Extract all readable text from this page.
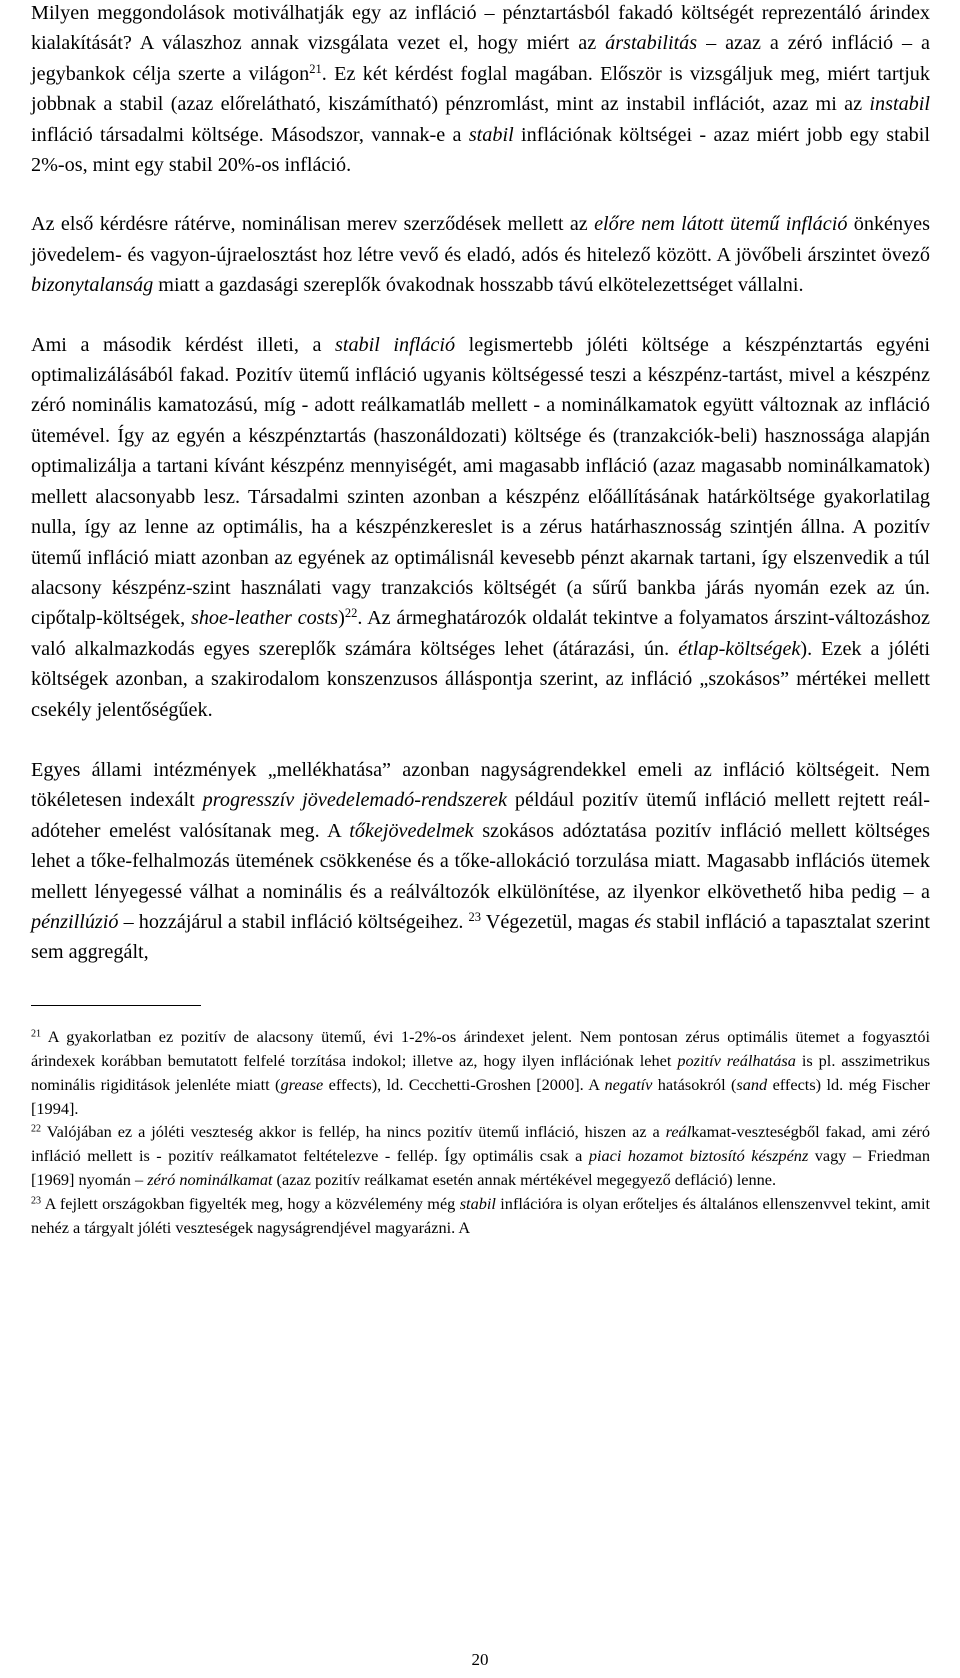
Milyen meggondolások motiválhatják egy az infláció – pénztartásból fakadó költségét reprezentáló árindex kialakítását? A válaszhoz annak vizsgálata vezet el, hogy miért az árstabilitás – azaz a zéró infláció – a jegybankok célja szerte a világon$^{21}$. Ez két kérdést foglal magában. Először is vizsgáljuk meg, miért tartjuk jobbnak a stabil (azaz előrelátható, kiszámítható) pénzromlást, mint az instabil inflációt, azaz mi az instabil infláció társadalmi költsége. Másodszor, vannak-e a stabil inflációnak költségei - azaz miért jobb egy stabil 2%-os, mint egy stabil 20%-os infláció.

Az első kérdésre rátérve, nominálisan merev szerződések mellett az előre nem látott ütemű infláció önkényes jövedelem- és vagyon-újraelosztást hoz létre vevő és eladó, adós és hitelező között. A jövőbeli árszintet övező bizonytalanság miatt a gazdasági szereplők óvakodnak hosszabb távú elkötelezettséget vállalni.

Ami a második kérdést illeti, a stabil infláció legismertebb jóléti költsége a készpénztartás egyéni optimalizálásából fakad. Pozitív ütemű infláció ugyanis költségessé teszi a készpénz-tartást, mivel a készpénz zéró nominális kamatozású, míg - adott reálkamatláb mellett - a nominálkamatok együtt változnak az infláció ütemével. Így az egyén a készpénztartás (haszonáldozati) költsége és (tranzakciók-beli) hasznossága alapján optimalizálja a tartani kívánt készpénz mennyiségét, ami magasabb infláció (azaz magasabb nominálkamatok) mellett alacsonyabb lesz. Társadalmi szinten azonban a készpénz előállításának határköltsége gyakorlatilag nulla, így az lenne az optimális, ha a készpénzkereslet is a zérus határhasznosság szintjén állna. A pozitív ütemű infláció miatt azonban az egyének az optimálisnál kevesebb pénzt akarnak tartani, így elszenvedik a túl alacsony készpénz-szint használati vagy tranzakciós költségét (a sűrű bankba járás nyomán ezek az ún. cipőtalp-költségek, shoe-leather costs)$^{22}$. Az ármeghatározók oldalát tekintve a folyamatos árszint-változáshoz való alkalmazkodás egyes szereplők számára költséges lehet (átárazási, ún. étlap-költségek). Ezek a jóléti költségek azonban, a szakirodalom konszenzusos álláspontja szerint, az infláció „szokásos” mértékei mellett csekély jelentőségűek.

Egyes állami intézmények „mellékhatása” azonban nagyságrendekkel emeli az infláció költségeit. Nem tökéletesen indexált progresszív jövedelemadó-rendszerek például pozitív ütemű infláció mellett rejtett reál-adóteher emelést valósítanak meg. A tőkejövedelmek szokásos adóztatása pozitív infláció mellett költséges lehet a tőke-felhalmozás ütemének csökkenése és a tőke-allokáció torzulása miatt. Magasabb inflációs ütemek mellett lényegessé válhat a nominális és a reálváltozók elkülönítése, az ilyenkor elkövethető hiba pedig – a pénzillúzió – hozzájárul a stabil infláció költségeihez. $^{23}$ Végezetül, magas és stabil infláció a tapasztalat szerint sem aggregált,

$^{21}$ A gyakorlatban ez pozitív de alacsony ütemű, évi 1-2%-os árindexet jelent. Nem pontosan zérus optimális ütemet a fogyasztói árindexek korábban bemutatott felfelé torzítása indokol; illetve az, hogy ilyen inflációnak lehet pozitív reálhatása is pl. asszimetrikus nominális rigiditások jelenléte miatt (grease effects), ld. Cecchetti-Groshen [2000]. A negatív hatásokról (sand effects) ld. még Fischer [1994].

$^{22}$ Valójában ez a jóléti veszteség akkor is fellép, ha nincs pozitív ütemű infláció, hiszen az a reálkamat-veszteségből fakad, ami zéró infláció mellett is - pozitív reálkamatot feltételezve - fellép. Így optimális csak a piaci hozamot biztosító készpénz vagy – Friedman [1969] nyomán – zéró nominálkamat (azaz pozitív reálkamat esetén annak mértékével megegyező defláció) lenne.

$^{23}$ A fejlett országokban figyelték meg, hogy a közvélemény még stabil inflációra is olyan erőteljes és általános ellenszenvvel tekint, amit nehéz a tárgyalt jóléti veszteségek nagyságrendjével magyarázni. A

20
